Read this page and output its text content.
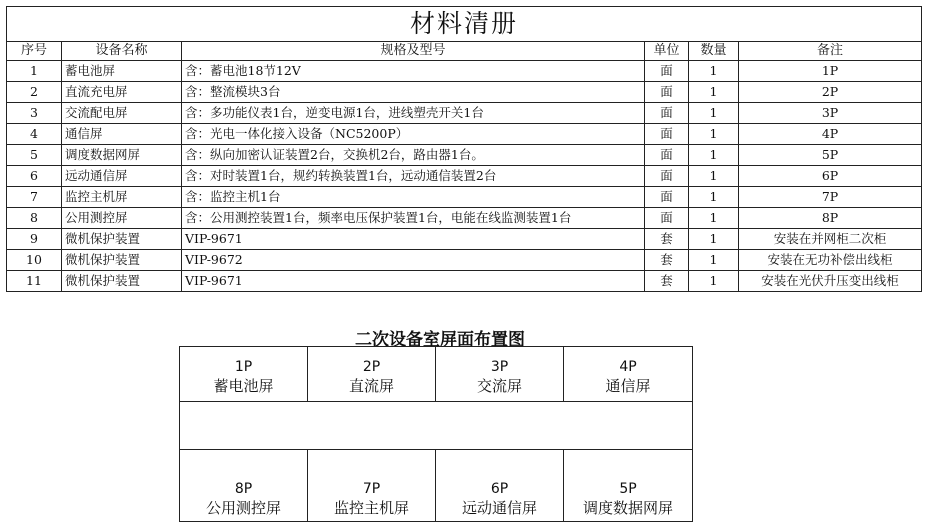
材料清册					
序号	设备名称	规格及型号	单位	数量	备注
1	蓄电池屏	含：蓄电池18节12V	面	1	1P
2	直流充电屏	含：整流模块3台	面	1	2P
3	交流配电屏	含：多功能仪表1台，逆变电源1台，进线塑壳开关1台	面	1	3P
4	通信屏	含：光电一体化接入设备（NC5200P）	面	1	4P
5	调度数据网屏	含：纵向加密认证装置2台，交换机2台，路由器1台。	面	1	5P
6	远动通信屏	含：对时装置1台，规约转换装置1台，远动通信装置2台	面	1	6P
7	监控主机屏	含：监控主机1台	面	1	7P
8	公用测控屏	含：公用测控装置1台，频率电压保护装置1台，电能在线监测装置1台	面	1	8P
9	微机保护装置	VIP-9671	套	1	安装在并网柜二次柜
10	微机保护装置	VIP-9672	套	1	安装在无功补偿出线柜
11	微机保护装置	VIP-9671	套	1	安装在光伏升压变出线柜
二次设备室屏面布置图
1P
蓄电池屏
2P
直流屏
3P
交流屏
4P
通信屏
8P
公用测控屏
7P
监控主机屏
6P
远动通信屏
5P
调度数据网屏
